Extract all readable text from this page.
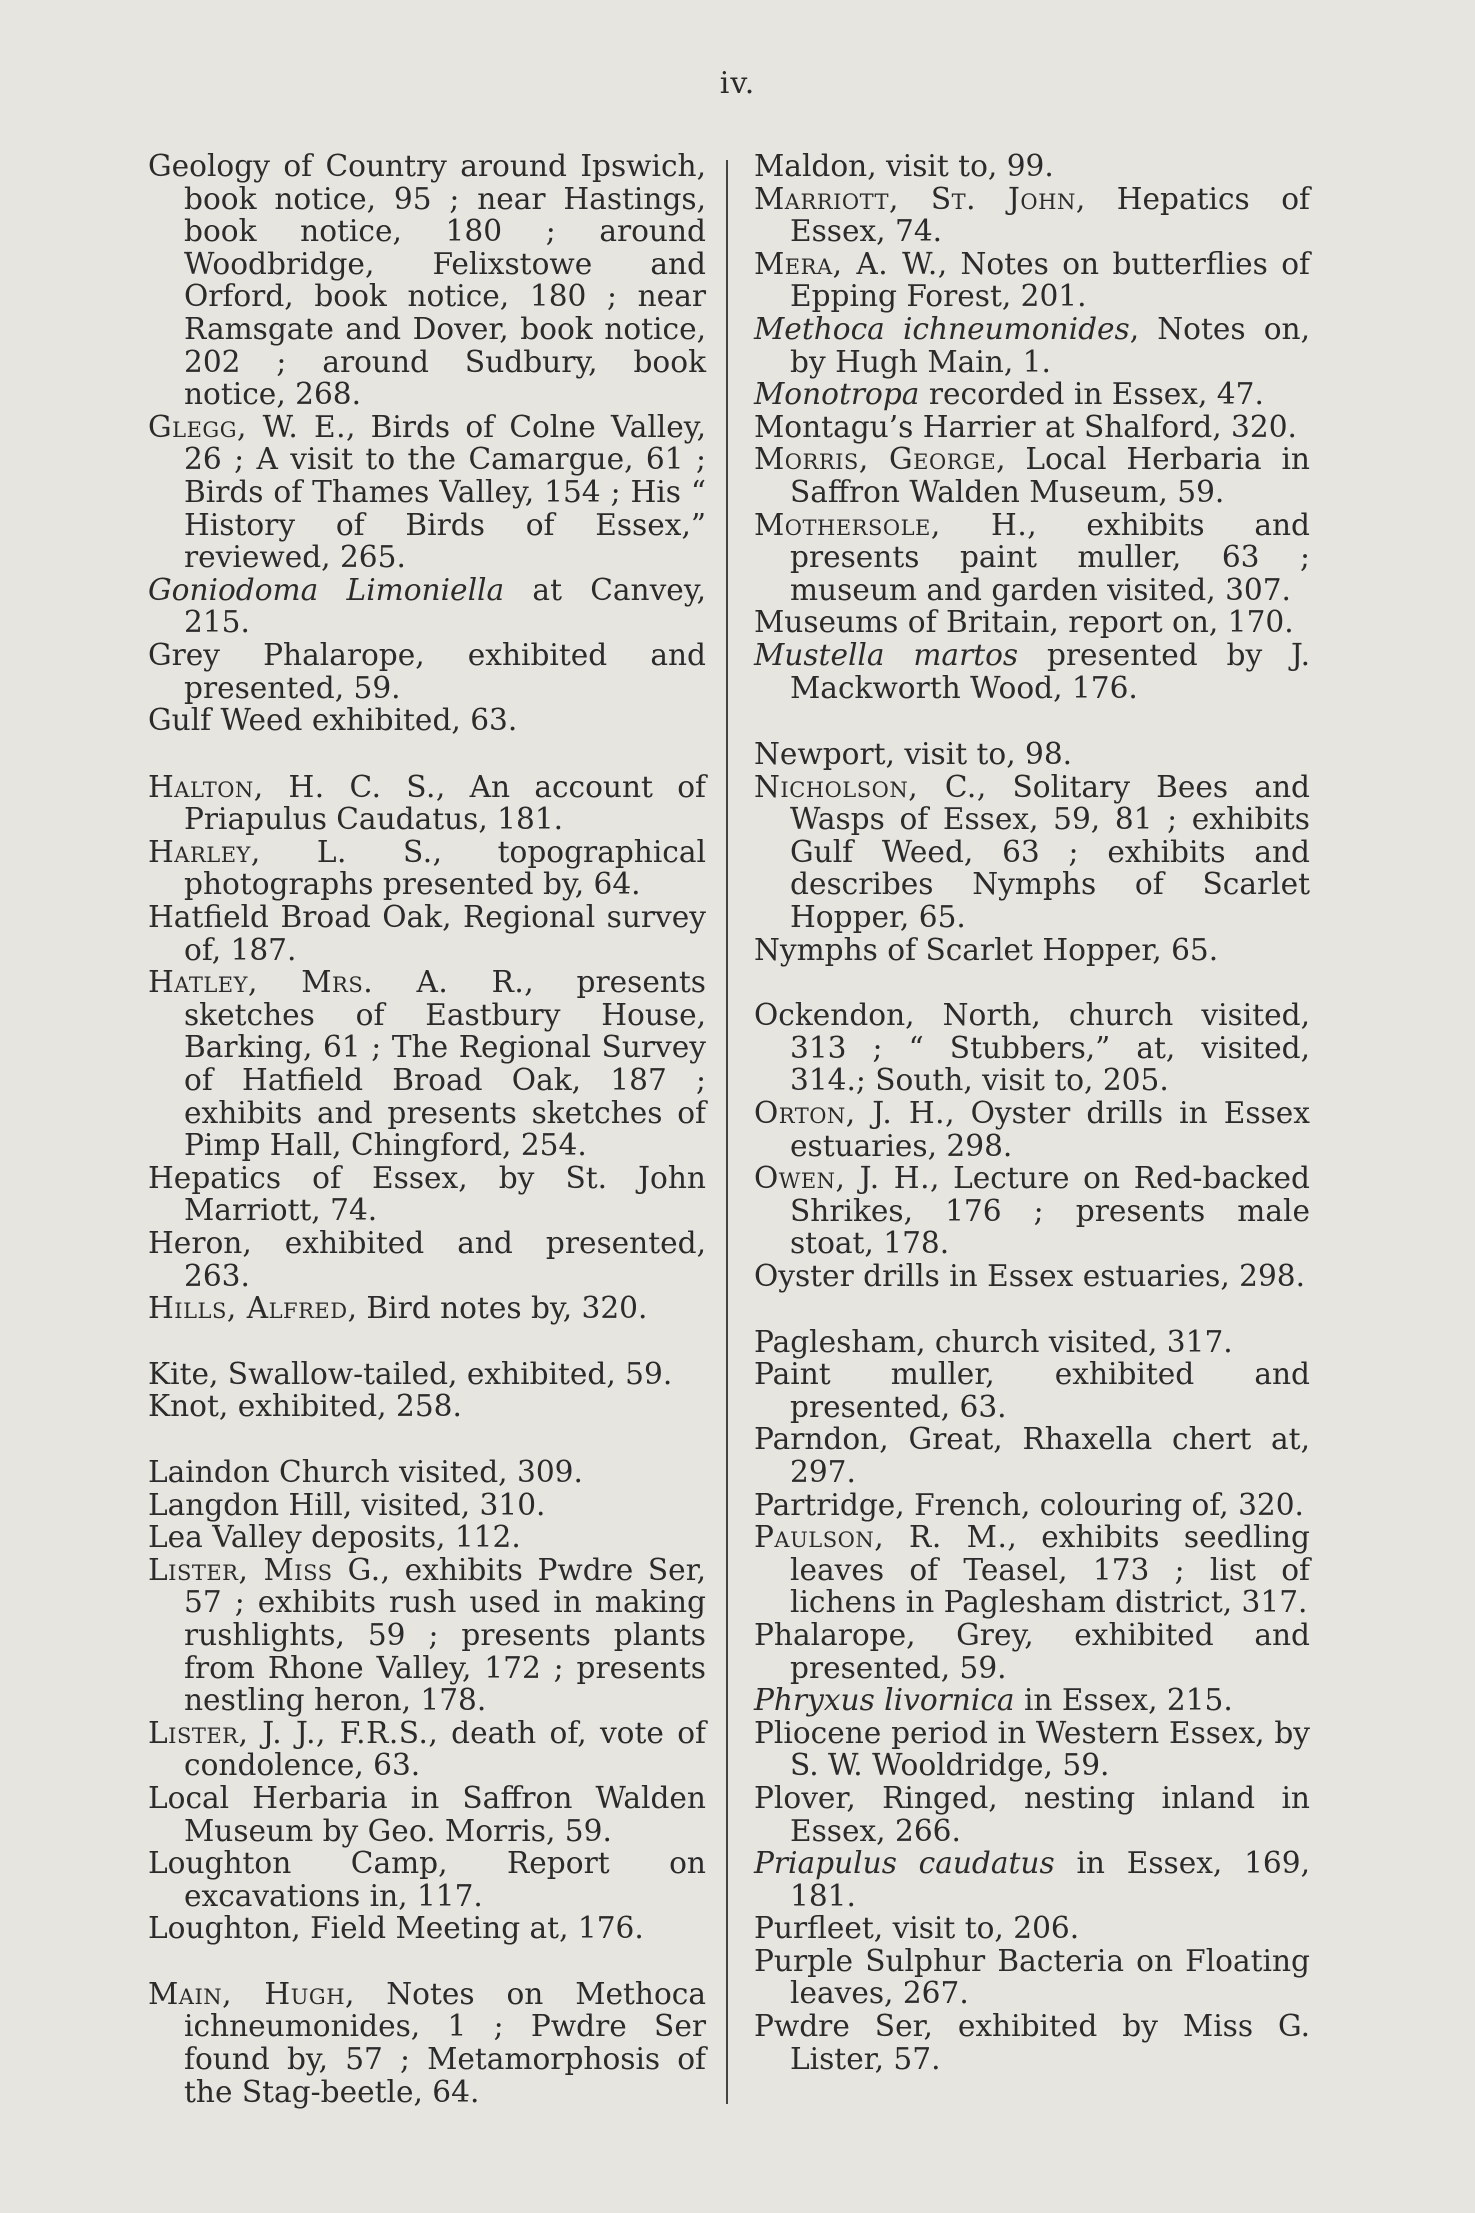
iv.

Geology of Country around Ipswich, book notice, 95 ; near Hastings, book notice, 180 ; around Woodbridge, Felixstowe and Orford, book notice, 180 ; near Ramsgate and Dover, book notice, 202 ; around Sudbury, book notice, 268.

Glegg, W. E., Birds of Colne Valley, 26 ; A visit to the Camargue, 61 ; Birds of Thames Valley, 154 ; His “ History of Birds of Essex,” reviewed, 265.

Goniodoma Limoniella at Canvey, 215.

Grey Phalarope, exhibited and presented, 59.

Gulf Weed exhibited, 63.

Halton, H. C. S., An account of Priapulus Caudatus, 181.

Harley, L. S., topographical photographs presented by, 64.

Hatfield Broad Oak, Regional survey of, 187.

Hatley, Mrs. A. R., presents sketches of Eastbury House, Barking, 61 ; The Regional Survey of Hatfield Broad Oak, 187 ; exhibits and presents sketches of Pimp Hall, Chingford, 254.

Hepatics of Essex, by St. John Marriott, 74.

Heron, exhibited and presented, 263.

Hills, Alfred, Bird notes by, 320.

Kite, Swallow-tailed, exhibited, 59.

Knot, exhibited, 258.

Laindon Church visited, 309.

Langdon Hill, visited, 310.

Lea Valley deposits, 112.

Lister, Miss G., exhibits Pwdre Ser, 57 ; exhibits rush used in making rushlights, 59 ; presents plants from Rhone Valley, 172 ; presents nestling heron, 178.

Lister, J. J., F.R.S., death of, vote of condolence, 63.

Local Herbaria in Saffron Walden Museum by Geo. Morris, 59.

Loughton Camp, Report on excavations in, 117.

Loughton, Field Meeting at, 176.

Main, Hugh, Notes on Methoca ichneumonides, 1 ; Pwdre Ser found by, 57 ; Metamorphosis of the Stag-beetle, 64.

Maldon, visit to, 99.

Marriott, St. John, Hepatics of Essex, 74.

Mera, A. W., Notes on butterflies of Epping Forest, 201.

Methoca ichneumonides, Notes on, by Hugh Main, 1.

Monotropa recorded in Essex, 47.

Montagu’s Harrier at Shalford, 320.

Morris, George, Local Herbaria in Saffron Walden Museum, 59.

Mothersole, H., exhibits and presents paint muller, 63 ; museum and garden visited, 307.

Museums of Britain, report on, 170.

Mustella martos presented by J. Mackworth Wood, 176.

Newport, visit to, 98.

Nicholson, C., Solitary Bees and Wasps of Essex, 59, 81 ; exhibits Gulf Weed, 63 ; exhibits and describes Nymphs of Scarlet Hopper, 65.

Nymphs of Scarlet Hopper, 65.

Ockendon, North, church visited, 313 ; “ Stubbers,” at, visited, 314.; South, visit to, 205.

Orton, J. H., Oyster drills in Essex estuaries, 298.

Owen, J. H., Lecture on Red-backed Shrikes, 176 ; presents male stoat, 178.

Oyster drills in Essex estuaries, 298.

Paglesham, church visited, 317.

Paint muller, exhibited and presented, 63.

Parndon, Great, Rhaxella chert at, 297.

Partridge, French, colouring of, 320.

Paulson, R. M., exhibits seedling leaves of Teasel, 173 ; list of lichens in Paglesham district, 317.

Phalarope, Grey, exhibited and presented, 59.

Phryxus livornica in Essex, 215.

Pliocene period in Western Essex, by S. W. Wooldridge, 59.

Plover, Ringed, nesting inland in Essex, 266.

Priapulus caudatus in Essex, 169, 181.

Purfleet, visit to, 206.

Purple Sulphur Bacteria on Floating leaves, 267.

Pwdre Ser, exhibited by Miss G. Lister, 57.
